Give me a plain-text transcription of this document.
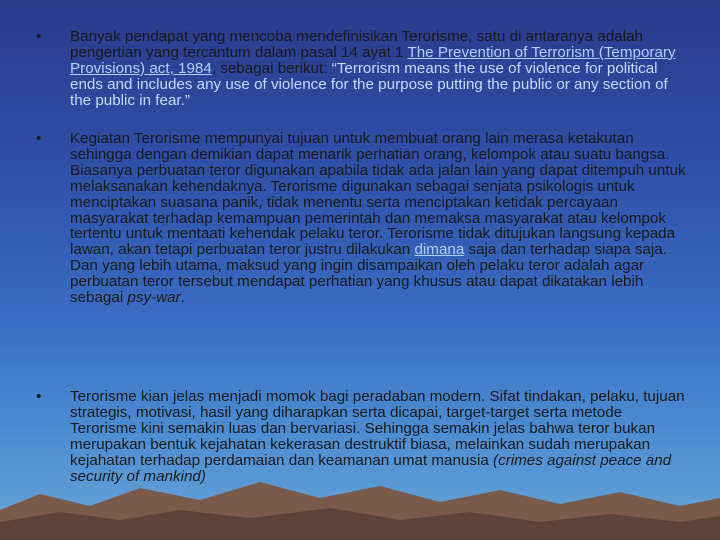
•	Banyak pendapat yang mencoba mendefinisikan Terorisme, satu di antaranya adalah pengertian yang tercantum dalam pasal 14 ayat 1 The Prevention of Terrorism (Temporary Provisions) act, 1984, sebagai berikut: “Terrorism means the use of violence for political ends and includes any use of violence for the purpose putting the public or any section of the public in fear.”
•	Kegiatan Terorisme mempunyai tujuan untuk membuat orang lain merasa ketakutan sehingga dengan demikian dapat menarik perhatian orang, kelompok atau suatu bangsa. Biasanya perbuatan teror digunakan apabila tidak ada jalan lain yang dapat ditempuh untuk melaksanakan kehendaknya. Terorisme digunakan sebagai senjata psikologis untuk menciptakan suasana panik, tidak menentu serta menciptakan ketidak percayaan masyarakat terhadap kemampuan pemerintah dan memaksa masyarakat atau kelompok tertentu untuk mentaati kehendak pelaku teror. Terorisme tidak ditujukan langsung kepada lawan, akan tetapi perbuatan teror justru dilakukan dimana saja dan terhadap siapa saja. Dan yang lebih utama, maksud yang ingin disampaikan oleh pelaku teror adalah agar perbuatan teror tersebut mendapat perhatian yang khusus atau dapat dikatakan lebih sebagai psy-war.
•	Terorisme kian jelas menjadi momok bagi peradaban modern. Sifat tindakan, pelaku, tujuan strategis, motivasi, hasil yang diharapkan serta dicapai, target-target serta metode Terorisme kini semakin luas dan bervariasi. Sehingga semakin jelas bahwa teror bukan merupakan bentuk kejahatan kekerasan destruktif biasa, melainkan sudah merupakan kejahatan terhadap perdamaian dan keamanan umat manusia (crimes against peace and security of mankind)
